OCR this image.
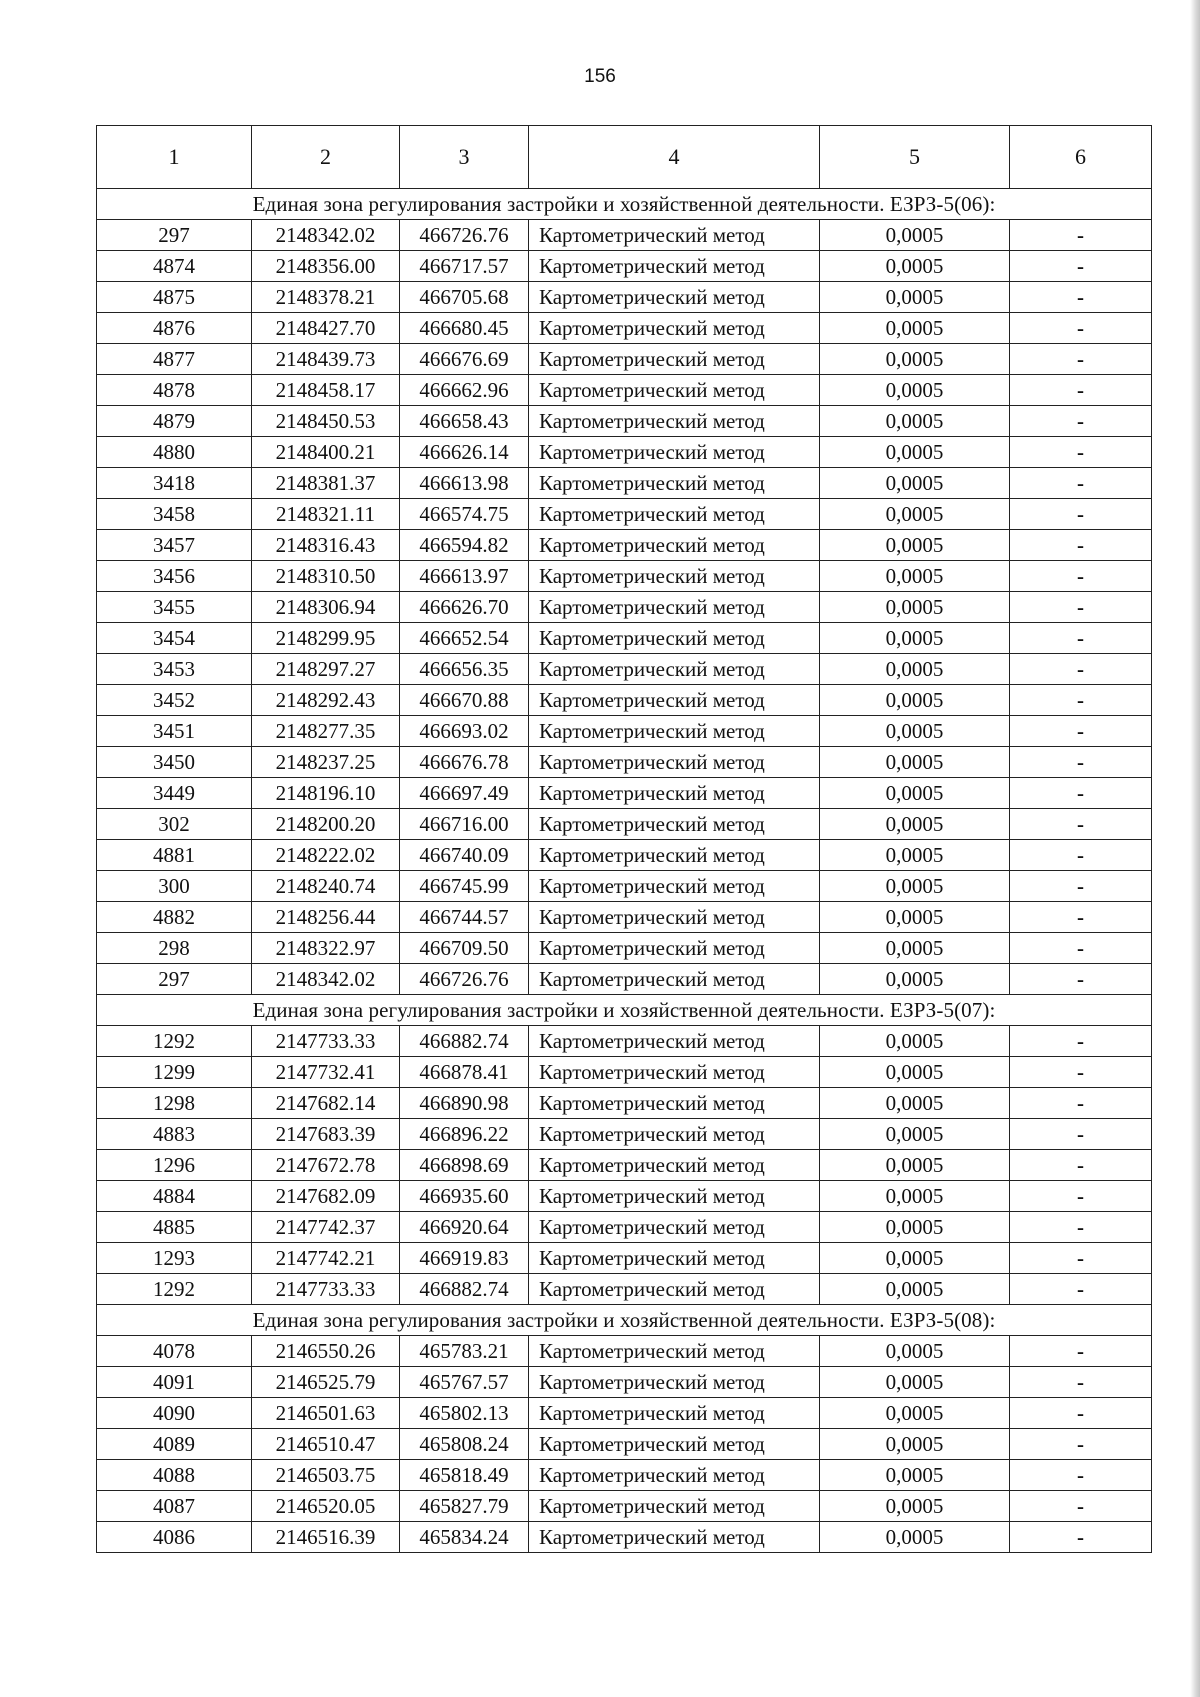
156
1	2	3	4	5	6
Единая зона регулирования застройки и хозяйственной деятельности. ЕЗРЗ-5(06):					
297	2148342.02	466726.76	Картометрический метод	0,0005	-
4874	2148356.00	466717.57	Картометрический метод	0,0005	-
4875	2148378.21	466705.68	Картометрический метод	0,0005	-
4876	2148427.70	466680.45	Картометрический метод	0,0005	-
4877	2148439.73	466676.69	Картометрический метод	0,0005	-
4878	2148458.17	466662.96	Картометрический метод	0,0005	-
4879	2148450.53	466658.43	Картометрический метод	0,0005	-
4880	2148400.21	466626.14	Картометрический метод	0,0005	-
3418	2148381.37	466613.98	Картометрический метод	0,0005	-
3458	2148321.11	466574.75	Картометрический метод	0,0005	-
3457	2148316.43	466594.82	Картометрический метод	0,0005	-
3456	2148310.50	466613.97	Картометрический метод	0,0005	-
3455	2148306.94	466626.70	Картометрический метод	0,0005	-
3454	2148299.95	466652.54	Картометрический метод	0,0005	-
3453	2148297.27	466656.35	Картометрический метод	0,0005	-
3452	2148292.43	466670.88	Картометрический метод	0,0005	-
3451	2148277.35	466693.02	Картометрический метод	0,0005	-
3450	2148237.25	466676.78	Картометрический метод	0,0005	-
3449	2148196.10	466697.49	Картометрический метод	0,0005	-
302	2148200.20	466716.00	Картометрический метод	0,0005	-
4881	2148222.02	466740.09	Картометрический метод	0,0005	-
300	2148240.74	466745.99	Картометрический метод	0,0005	-
4882	2148256.44	466744.57	Картометрический метод	0,0005	-
298	2148322.97	466709.50	Картометрический метод	0,0005	-
297	2148342.02	466726.76	Картометрический метод	0,0005	-
Единая зона регулирования застройки и хозяйственной деятельности. ЕЗРЗ-5(07):					
1292	2147733.33	466882.74	Картометрический метод	0,0005	-
1299	2147732.41	466878.41	Картометрический метод	0,0005	-
1298	2147682.14	466890.98	Картометрический метод	0,0005	-
4883	2147683.39	466896.22	Картометрический метод	0,0005	-
1296	2147672.78	466898.69	Картометрический метод	0,0005	-
4884	2147682.09	466935.60	Картометрический метод	0,0005	-
4885	2147742.37	466920.64	Картометрический метод	0,0005	-
1293	2147742.21	466919.83	Картометрический метод	0,0005	-
1292	2147733.33	466882.74	Картометрический метод	0,0005	-
Единая зона регулирования застройки и хозяйственной деятельности. ЕЗРЗ-5(08):					
4078	2146550.26	465783.21	Картометрический метод	0,0005	-
4091	2146525.79	465767.57	Картометрический метод	0,0005	-
4090	2146501.63	465802.13	Картометрический метод	0,0005	-
4089	2146510.47	465808.24	Картометрический метод	0,0005	-
4088	2146503.75	465818.49	Картометрический метод	0,0005	-
4087	2146520.05	465827.79	Картометрический метод	0,0005	-
4086	2146516.39	465834.24	Картометрический метод	0,0005	-
